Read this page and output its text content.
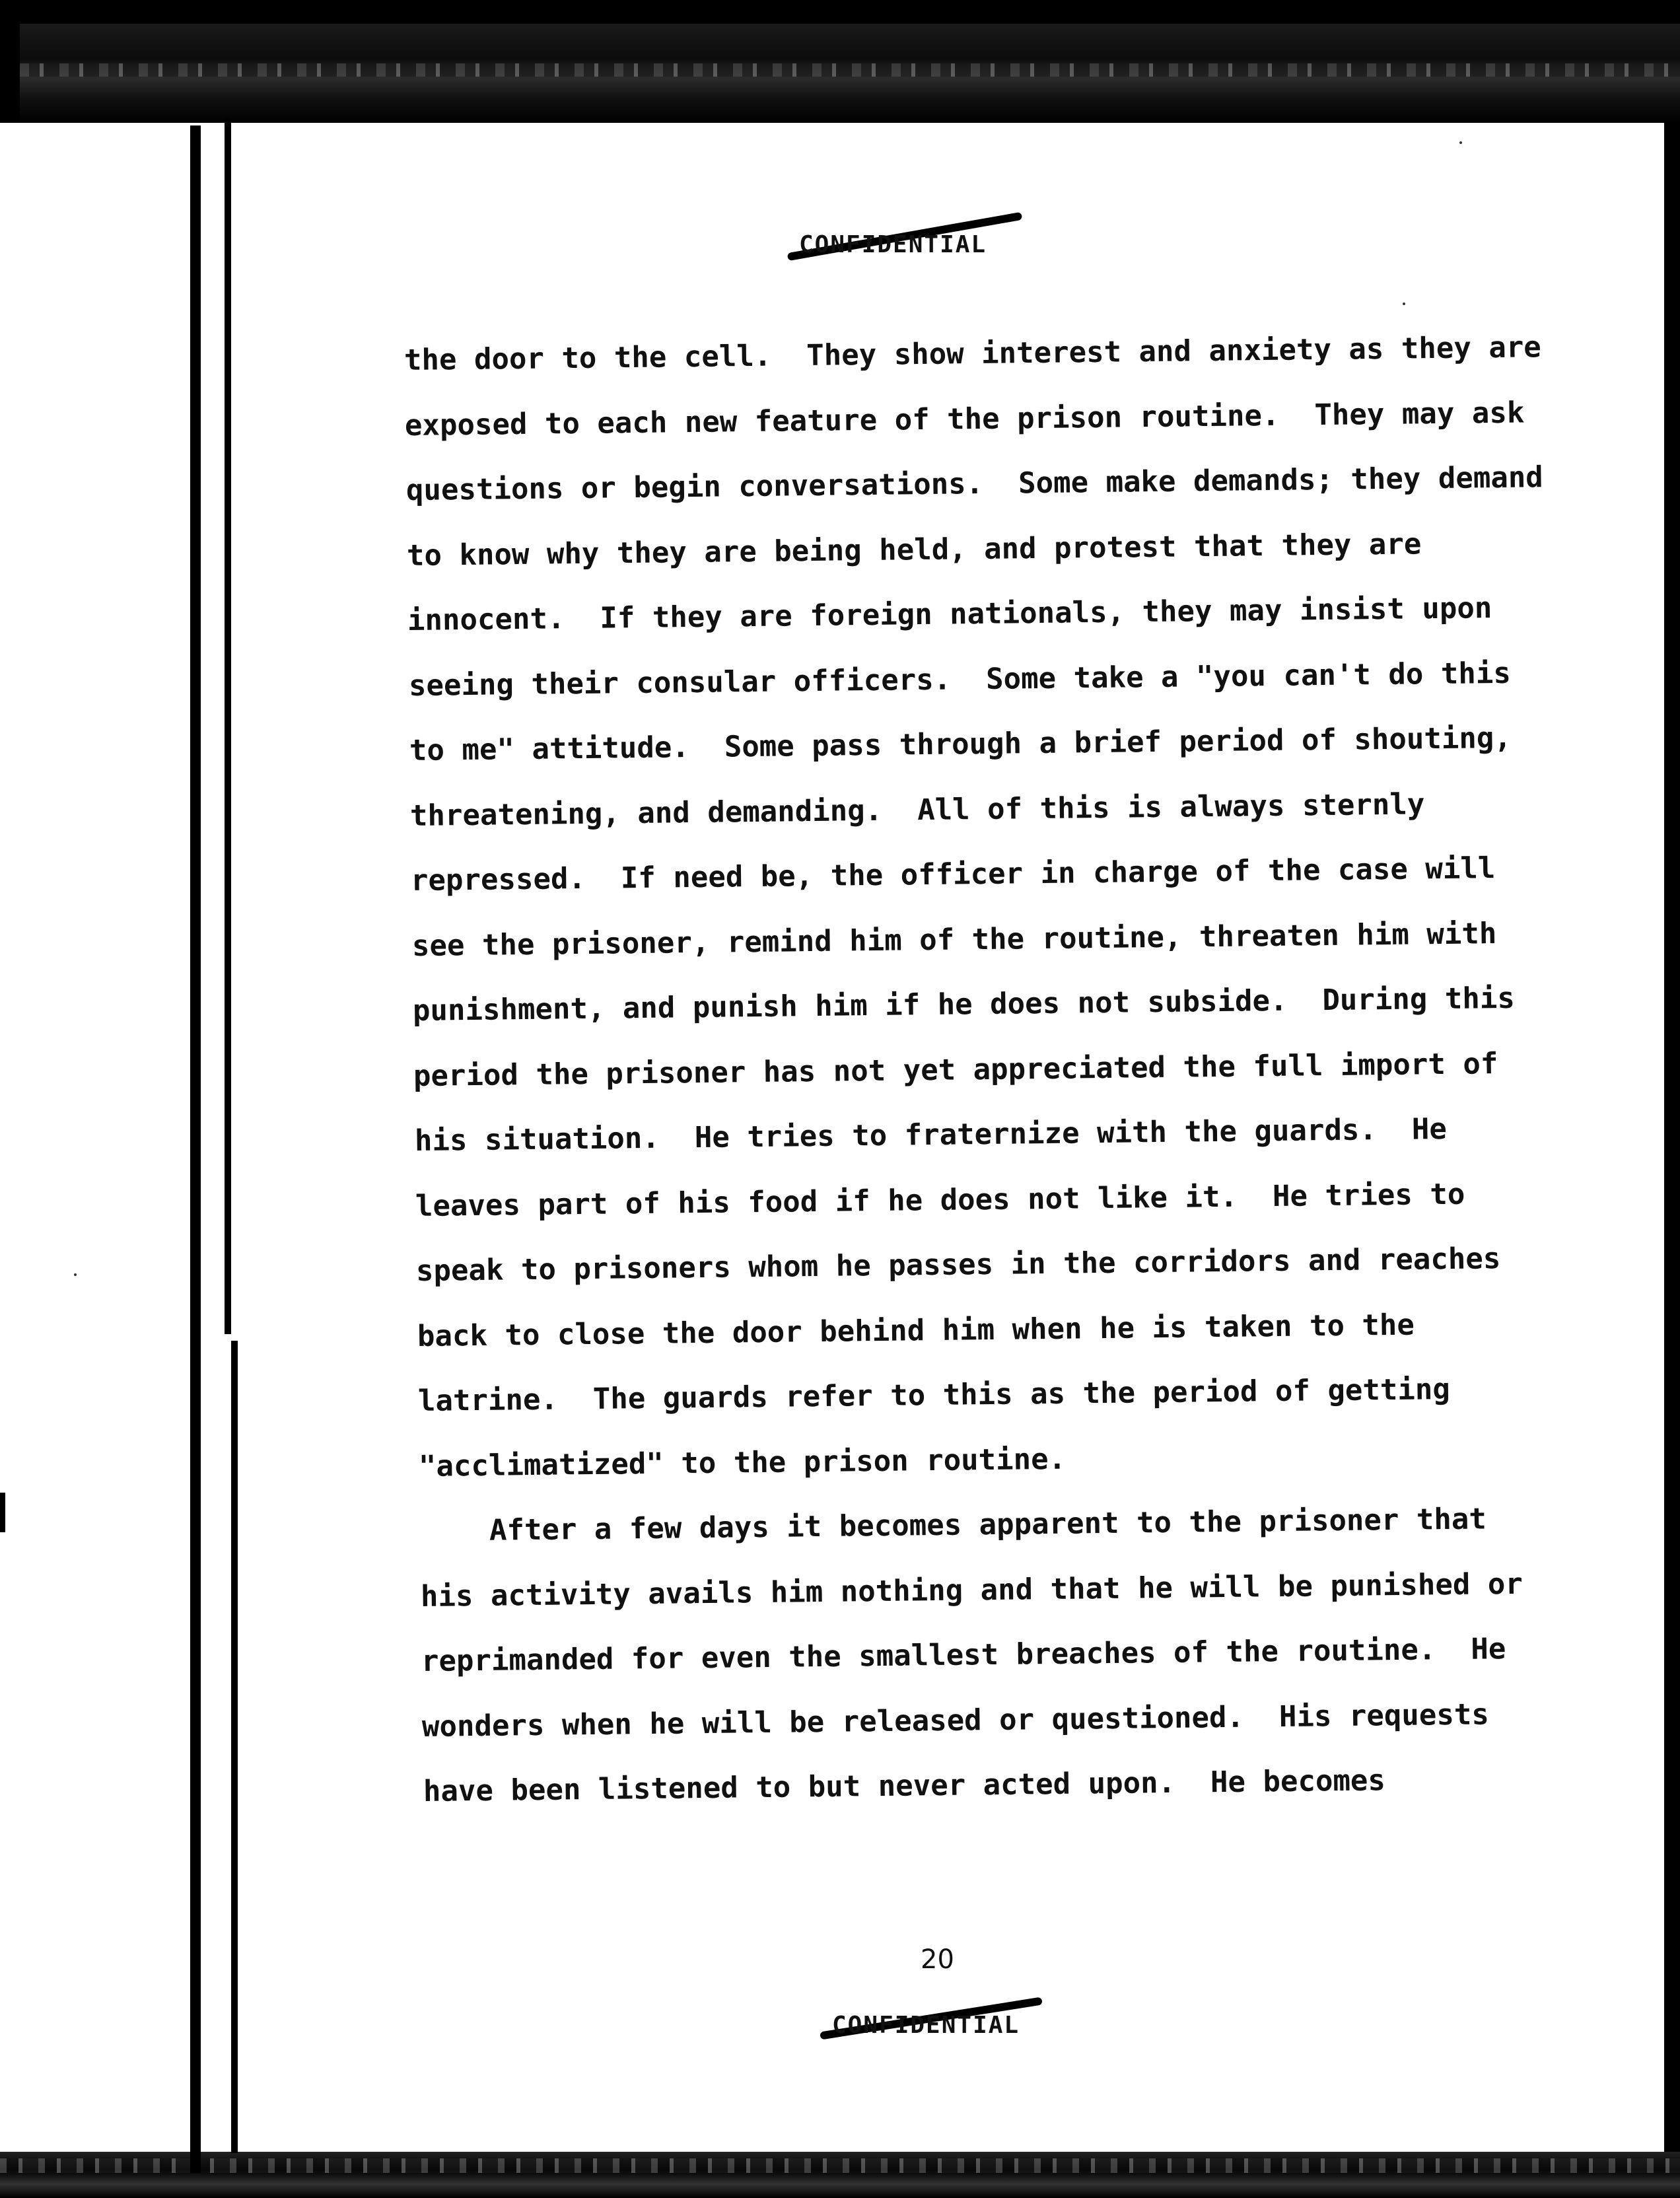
CONFIDENTIAL
the door to the cell.  They show interest and anxiety as they are
exposed to each new feature of the prison routine.  They may ask
questions or begin conversations.  Some make demands; they demand
to know why they are being held, and protest that they are
innocent.  If they are foreign nationals, they may insist upon
seeing their consular officers.  Some take a "you can't do this
to me" attitude.  Some pass through a brief period of shouting,
threatening, and demanding.  All of this is always sternly
repressed.  If need be, the officer in charge of the case will
see the prisoner, remind him of the routine, threaten him with
punishment, and punish him if he does not subside.  During this
period the prisoner has not yet appreciated the full import of
his situation.  He tries to fraternize with the guards.  He
leaves part of his food if he does not like it.  He tries to
speak to prisoners whom he passes in the corridors and reaches
back to close the door behind him when he is taken to the
latrine.  The guards refer to this as the period of getting
"acclimatized" to the prison routine.
After a few days it becomes apparent to the prisoner that
his activity avails him nothing and that he will be punished or
reprimanded for even the smallest breaches of the routine.  He
wonders when he will be released or questioned.  His requests
have been listened to but never acted upon.  He becomes
20
CONFIDENTIAL
